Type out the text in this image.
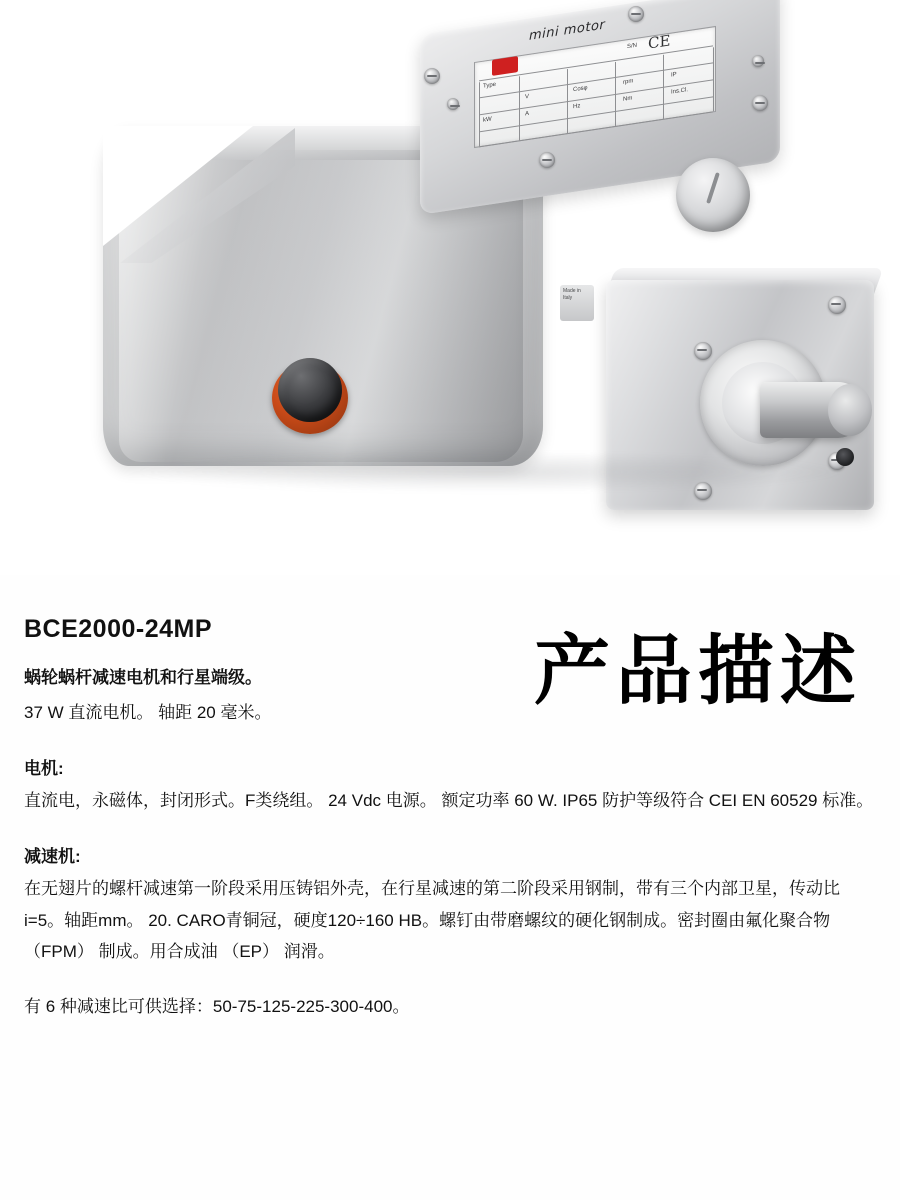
mini motor
Type
S/N
V
Cosφ
rpm
IP
kW
A
Hz
Nm
Ins.Cl.
CE
Made in Italy
产品描述
BCE2000-24MP
蜗轮蜗杆减速电机和行星端级。
37 W 直流电机。 轴距 20 毫米。
电机:
直流电，永磁体，封闭形式。F类绕组。 24 Vdc 电源。 额定功率 60 W. IP65 防护等级符合 CEI EN 60529 标准。
减速机:
在无翅片的螺杆减速第一阶段采用压铸铝外壳，在行星减速的第二阶段采用钢制，带有三个内部卫星，传动比 i=5。轴距mm。 20. CARO青铜冠，硬度120÷160 HB。螺钉由带磨螺纹的硬化钢制成。密封圈由氟化聚合物 （FPM） 制成。用合成油 （EP） 润滑。
有 6 种减速比可供选择：50-75-125-225-300-400。
